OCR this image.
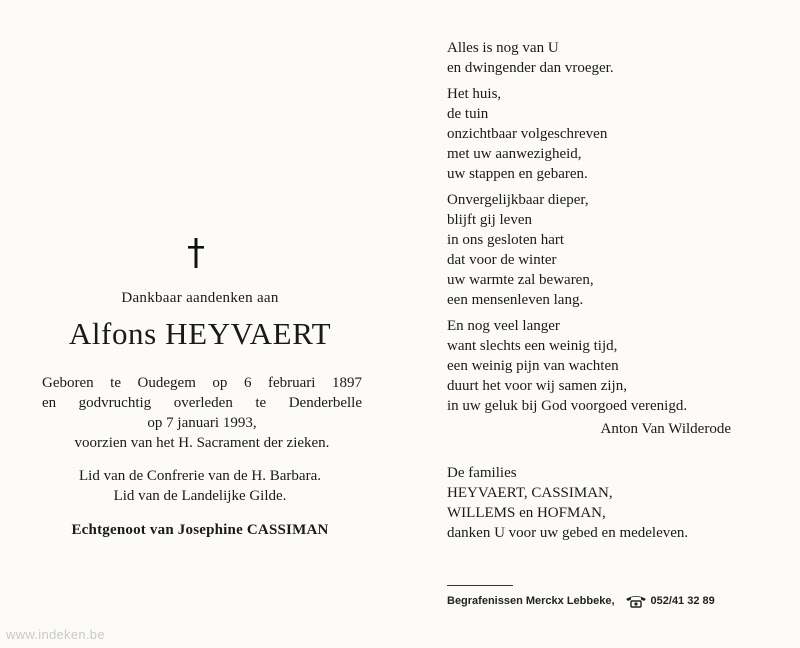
Dankbaar aandenken aan
Alfons HEYVAERT
Geboren te Oudegem op 6 februari 1897
en godvruchtig overleden te Denderbelle
op 7 januari 1993,
voorzien van het H. Sacrament der zieken.
Lid van de Confrerie van de H. Barbara.
Lid van de Landelijke Gilde.
Echtgenoot van Josephine CASSIMAN
Alles is nog van U
en dwingender dan vroeger.
Het huis,
de tuin
onzichtbaar volgeschreven
met uw aanwezigheid,
uw stappen en gebaren.
Onvergelijkbaar dieper,
blijft gij leven
in ons gesloten hart
dat voor de winter
uw warmte zal bewaren,
een mensenleven lang.
En nog veel langer
want slechts een weinig tijd,
een weinig pijn van wachten
duurt het voor wij samen zijn,
in uw geluk bij God voorgoed verenigd.
Anton Van Wilderode
De families
HEYVAERT, CASSIMAN,
WILLEMS en HOFMAN,
danken U voor uw gebed en medeleven.
Begrafenissen Merckx Lebbeke,	052/41 32 89
www.indeken.be
